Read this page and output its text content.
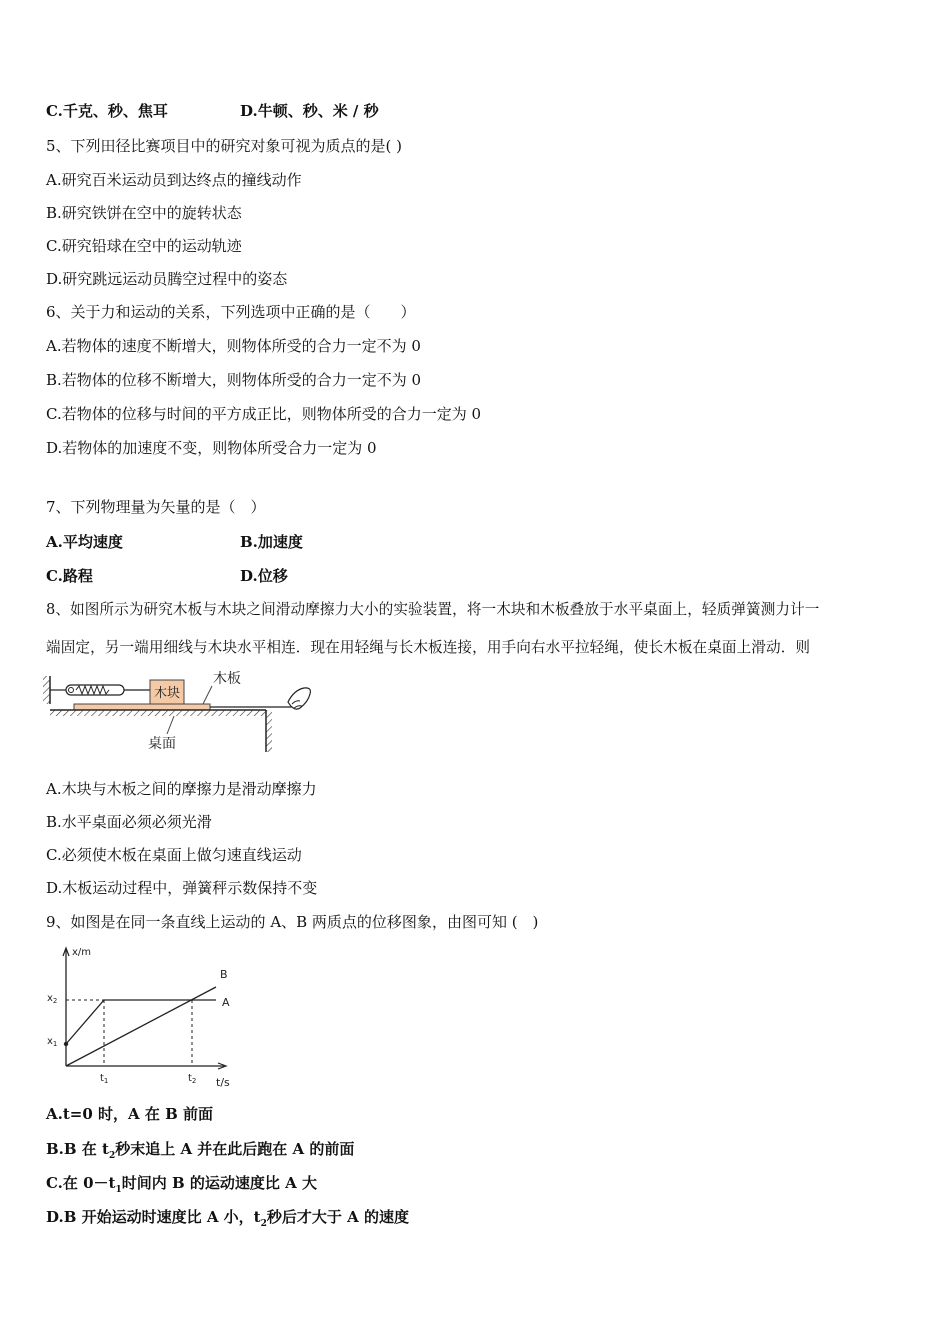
C.千克、秒、焦耳	D.牛顿、秒、米 / 秒
5、下列田径比赛项目中的研究对象可视为质点的是( )
A.研究百米运动员到达终点的撞线动作
B.研究铁饼在空中的旋转状态
C.研究铅球在空中的运动轨迹
D.研究跳远运动员腾空过程中的姿态
6、关于力和运动的关系，下列选项中正确的是（　　）
A.若物体的速度不断增大，则物体所受的合力一定不为 0
B.若物体的位移不断增大，则物体所受的合力一定不为 0
C.若物体的位移与时间的平方成正比，则物体所受的合力一定为 0
D.若物体的加速度不变，则物体所受合力一定为 0
7、下列物理量为矢量的是（　）
A.平均速度	B.加速度
C.路程	D.位移
8、如图所示为研究木板与木块之间滑动摩擦力大小的实验装置，将一木块和木板叠放于水平桌面上，轻质弹簧测力计一
端固定，另一端用细线与木块水平相连．现在用轻绳与长木板连接，用手向右水平拉轻绳，使长木板在桌面上滑动．则
木块
木板
桌面
A.木块与木板之间的摩擦力是滑动摩擦力
B.水平桌面必须必须光滑
C.必须使木板在桌面上做匀速直线运动
D.木板运动过程中，弹簧秤示数保持不变
9、如图是在同一条直线上运动的 A、B 两质点的位移图象，由图可知 (　)
x/m
t/s
A
B
$x_2$
$x_1$
$t_1$	$t_2$
A.t=0 时，A 在 B 前面
B.B 在 $t_2$秒末追上 A 并在此后跑在 A 的前面
C.在 $0-t_1$时间内 B 的运动速度比 A 大
D.B 开始运动时速度比 A 小，$t_2$秒后才大于 A 的速度
